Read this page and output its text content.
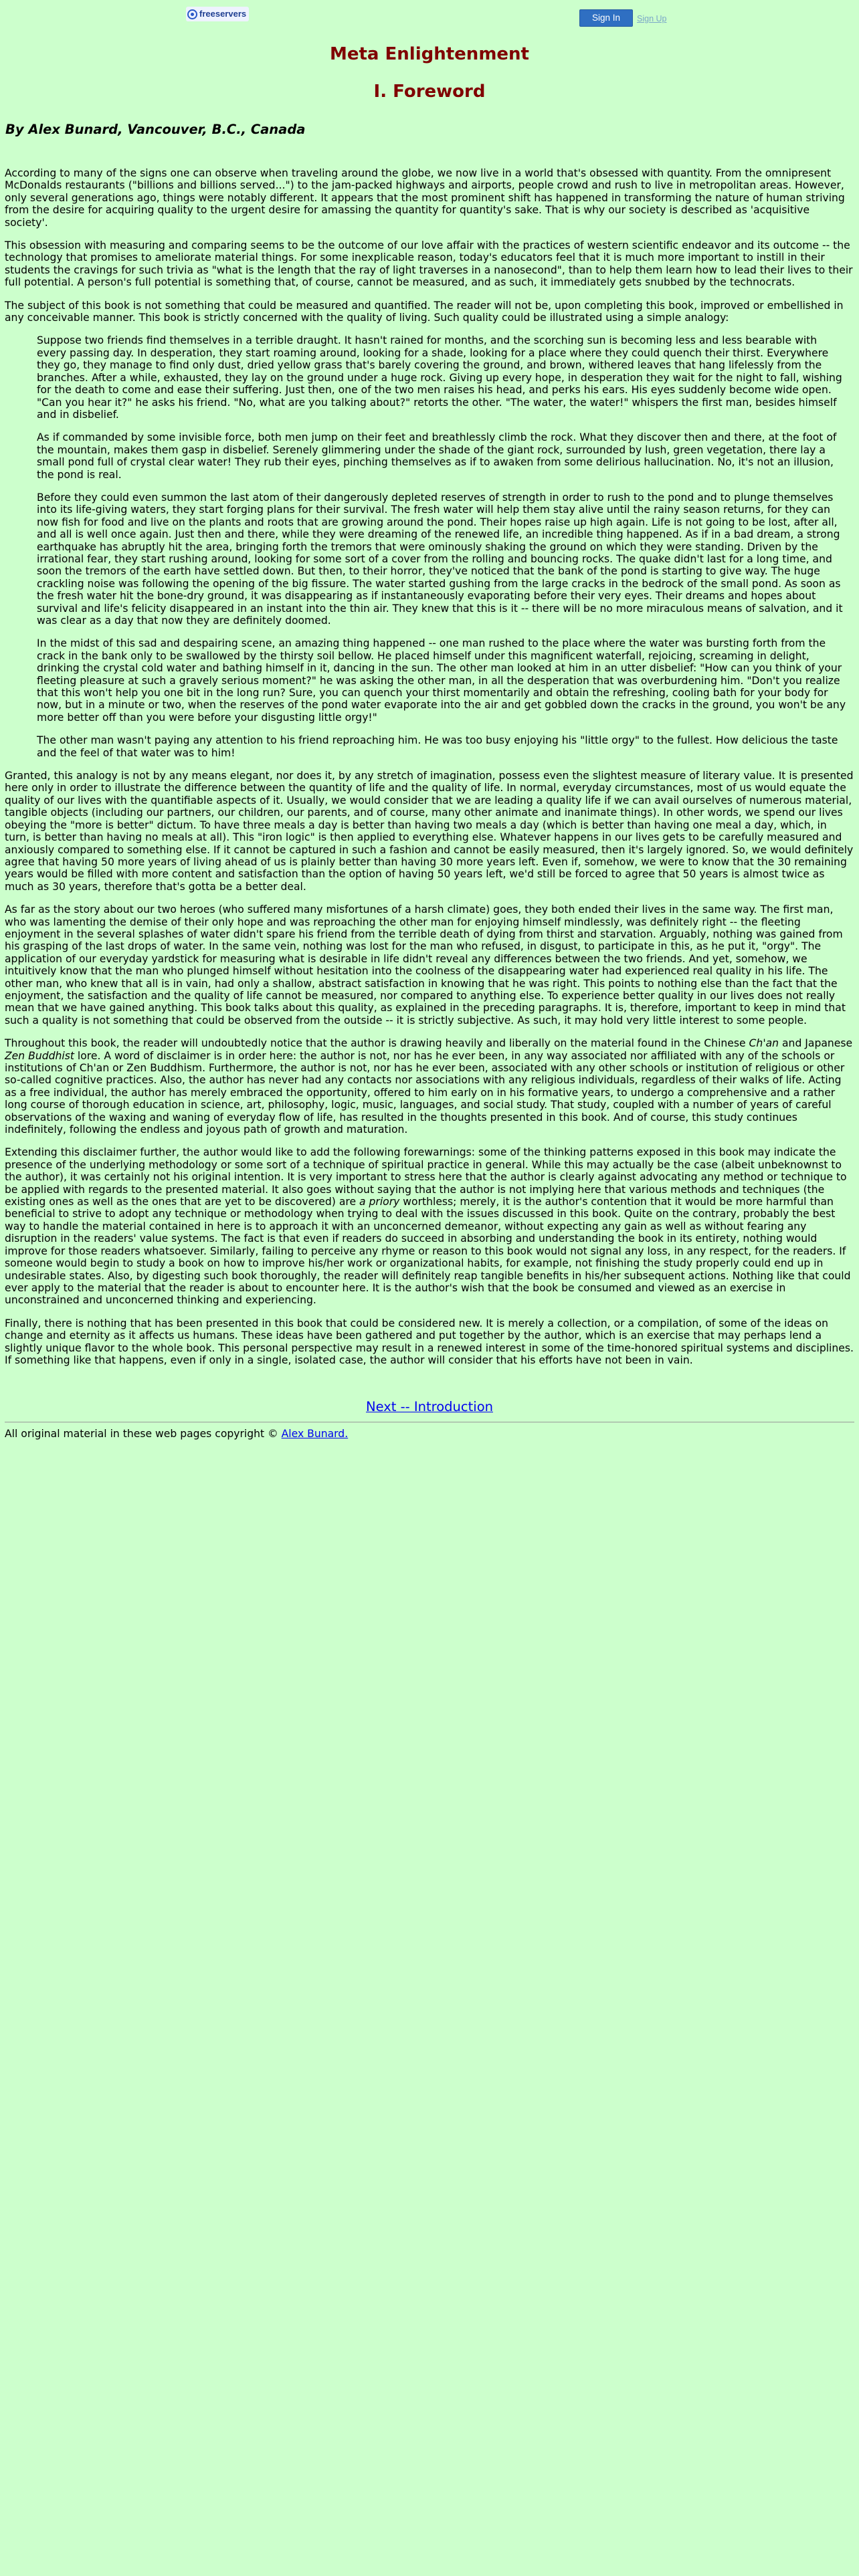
freeservers	Sign In	Sign Up
Meta Enlightenment
I. Foreword
By Alex Bunard, Vancouver, B.C., Canada

According to many of the signs one can observe when traveling around the globe, we now live in a world that's obsessed with quantity. From the omnipresent McDonalds restaurants ("billions and billions served...") to the jam-packed highways and airports, people crowd and rush to live in metropolitan areas. However, only several generations ago, things were notably different. It appears that the most prominent shift has happened in transforming the nature of human striving from the desire for acquiring quality to the urgent desire for amassing the quantity for quantity's sake. That is why our society is described as 'acquisitive society'.

This obsession with measuring and comparing seems to be the outcome of our love affair with the practices of western scientific endeavor and its outcome -- the technology that promises to ameliorate material things. For some inexplicable reason, today's educators feel that it is much more important to instill in their students the cravings for such trivia as "what is the length that the ray of light traverses in a nanosecond", than to help them learn how to lead their lives to their full potential. A person's full potential is something that, of course, cannot be measured, and as such, it immediately gets snubbed by the technocrats.

The subject of this book is not something that could be measured and quantified. The reader will not be, upon completing this book, improved or embellished in any conceivable manner. This book is strictly concerned with the quality of living. Such quality could be illustrated using a simple analogy:

Suppose two friends find themselves in a terrible draught. It hasn't rained for months, and the scorching sun is becoming less and less bearable with every passing day. In desperation, they start roaming around, looking for a shade, looking for a place where they could quench their thirst. Everywhere they go, they manage to find only dust, dried yellow grass that's barely covering the ground, and brown, withered leaves that hang lifelessly from the branches. After a while, exhausted, they lay on the ground under a huge rock. Giving up every hope, in desperation they wait for the night to fall, wishing for the death to come and ease their suffering. Just then, one of the two men raises his head, and perks his ears. His eyes suddenly become wide open. "Can you hear it?" he asks his friend. "No, what are you talking about?" retorts the other. "The water, the water!" whispers the first man, besides himself and in disbelief.

As if commanded by some invisible force, both men jump on their feet and breathlessly climb the rock. What they discover then and there, at the foot of the mountain, makes them gasp in disbelief. Serenely glimmering under the shade of the giant rock, surrounded by lush, green vegetation, there lay a small pond full of crystal clear water! They rub their eyes, pinching themselves as if to awaken from some delirious hallucination. No, it's not an illusion, the pond is real.

Before they could even summon the last atom of their dangerously depleted reserves of strength in order to rush to the pond and to plunge themselves into its life-giving waters, they start forging plans for their survival. The fresh water will help them stay alive until the rainy season returns, for they can now fish for food and live on the plants and roots that are growing around the pond. Their hopes raise up high again. Life is not going to be lost, after all, and all is well once again. Just then and there, while they were dreaming of the renewed life, an incredible thing happened. As if in a bad dream, a strong earthquake has abruptly hit the area, bringing forth the tremors that were ominously shaking the ground on which they were standing. Driven by the irrational fear, they start rushing around, looking for some sort of a cover from the rolling and bouncing rocks. The quake didn't last for a long time, and soon the tremors of the earth have settled down. But then, to their horror, they've noticed that the bank of the pond is starting to give way. The huge crackling noise was following the opening of the big fissure. The water started gushing from the large cracks in the bedrock of the small pond. As soon as the fresh water hit the bone-dry ground, it was disappearing as if instantaneously evaporating before their very eyes. Their dreams and hopes about survival and life's felicity disappeared in an instant into the thin air. They knew that this is it -- there will be no more miraculous means of salvation, and it was clear as a day that now they are definitely doomed.

In the midst of this sad and despairing scene, an amazing thing happened -- one man rushed to the place where the water was bursting forth from the crack in the bank only to be swallowed by the thirsty soil bellow. He placed himself under this magnificent waterfall, rejoicing, screaming in delight, drinking the crystal cold water and bathing himself in it, dancing in the sun. The other man looked at him in an utter disbelief: "How can you think of your fleeting pleasure at such a gravely serious moment?" he was asking the other man, in all the desperation that was overburdening him. "Don't you realize that this won't help you one bit in the long run? Sure, you can quench your thirst momentarily and obtain the refreshing, cooling bath for your body for now, but in a minute or two, when the reserves of the pond water evaporate into the air and get gobbled down the cracks in the ground, you won't be any more better off than you were before your disgusting little orgy!"

The other man wasn't paying any attention to his friend reproaching him. He was too busy enjoying his "little orgy" to the fullest. How delicious the taste and the feel of that water was to him!

Granted, this analogy is not by any means elegant, nor does it, by any stretch of imagination, possess even the slightest measure of literary value. It is presented here only in order to illustrate the difference between the quantity of life and the quality of life. In normal, everyday circumstances, most of us would equate the quality of our lives with the quantifiable aspects of it. Usually, we would consider that we are leading a quality life if we can avail ourselves of numerous material, tangible objects (including our partners, our children, our parents, and of course, many other animate and inanimate things). In other words, we spend our lives obeying the "more is better" dictum. To have three meals a day is better than having two meals a day (which is better than having one meal a day, which, in turn, is better than having no meals at all). This "iron logic" is then applied to everything else. Whatever happens in our lives gets to be carefully measured and anxiously compared to something else. If it cannot be captured in such a fashion and cannot be easily measured, then it's largely ignored. So, we would definitely agree that having 50 more years of living ahead of us is plainly better than having 30 more years left. Even if, somehow, we were to know that the 30 remaining years would be filled with more content and satisfaction than the option of having 50 years left, we'd still be forced to agree that 50 years is almost twice as much as 30 years, therefore that's gotta be a better deal.

As far as the story about our two heroes (who suffered many misfortunes of a harsh climate) goes, they both ended their lives in the same way. The first man, who was lamenting the demise of their only hope and was reproaching the other man for enjoying himself mindlessly, was definitely right -- the fleeting enjoyment in the several splashes of water didn't spare his friend from the terrible death of dying from thirst and starvation. Arguably, nothing was gained from his grasping of the last drops of water. In the same vein, nothing was lost for the man who refused, in disgust, to participate in this, as he put it, "orgy". The application of our everyday yardstick for measuring what is desirable in life didn't reveal any differences between the two friends. And yet, somehow, we intuitively know that the man who plunged himself without hesitation into the coolness of the disappearing water had experienced real quality in his life. The other man, who knew that all is in vain, had only a shallow, abstract satisfaction in knowing that he was right. This points to nothing else than the fact that the enjoyment, the satisfaction and the quality of life cannot be measured, nor compared to anything else. To experience better quality in our lives does not really mean that we have gained anything. This book talks about this quality, as explained in the preceding paragraphs. It is, therefore, important to keep in mind that such a quality is not something that could be observed from the outside -- it is strictly subjective. As such, it may hold very little interest to some people.

Throughout this book, the reader will undoubtedly notice that the author is drawing heavily and liberally on the material found in the Chinese Ch'an and Japanese Zen Buddhist lore. A word of disclaimer is in order here: the author is not, nor has he ever been, in any way associated nor affiliated with any of the schools or institutions of Ch'an or Zen Buddhism. Furthermore, the author is not, nor has he ever been, associated with any other schools or institution of religious or other so-called cognitive practices. Also, the author has never had any contacts nor associations with any religious individuals, regardless of their walks of life. Acting as a free individual, the author has merely embraced the opportunity, offered to him early on in his formative years, to undergo a comprehensive and a rather long course of thorough education in science, art, philosophy, logic, music, languages, and social study. That study, coupled with a number of years of careful observations of the waxing and waning of everyday flow of life, has resulted in the thoughts presented in this book. And of course, this study continues indefinitely, following the endless and joyous path of growth and maturation.

Extending this disclaimer further, the author would like to add the following forewarnings: some of the thinking patterns exposed in this book may indicate the presence of the underlying methodology or some sort of a technique of spiritual practice in general. While this may actually be the case (albeit unbeknownst to the author), it was certainly not his original intention. It is very important to stress here that the author is clearly against advocating any method or technique to be applied with regards to the presented material. It also goes without saying that the author is not implying here that various methods and techniques (the existing ones as well as the ones that are yet to be discovered) are a priory worthless; merely, it is the author's contention that it would be more harmful than beneficial to strive to adopt any technique or methodology when trying to deal with the issues discussed in this book. Quite on the contrary, probably the best way to handle the material contained in here is to approach it with an unconcerned demeanor, without expecting any gain as well as without fearing any disruption in the readers' value systems. The fact is that even if readers do succeed in absorbing and understanding the book in its entirety, nothing would improve for those readers whatsoever. Similarly, failing to perceive any rhyme or reason to this book would not signal any loss, in any respect, for the readers. If someone would begin to study a book on how to improve his/her work or organizational habits, for example, not finishing the study properly could end up in undesirable states. Also, by digesting such book thoroughly, the reader will definitely reap tangible benefits in his/her subsequent actions. Nothing like that could ever apply to the material that the reader is about to encounter here. It is the author's wish that the book be consumed and viewed as an exercise in unconstrained and unconcerned thinking and experiencing.

Finally, there is nothing that has been presented in this book that could be considered new. It is merely a collection, or a compilation, of some of the ideas on change and eternity as it affects us humans. These ideas have been gathered and put together by the author, which is an exercise that may perhaps lend a slightly unique flavor to the whole book. This personal perspective may result in a renewed interest in some of the time-honored spiritual systems and disciplines. If something like that happens, even if only in a single, isolated case, the author will consider that his efforts have not been in vain.

Next -- Introduction
All original material in these web pages copyright © Alex Bunard.
